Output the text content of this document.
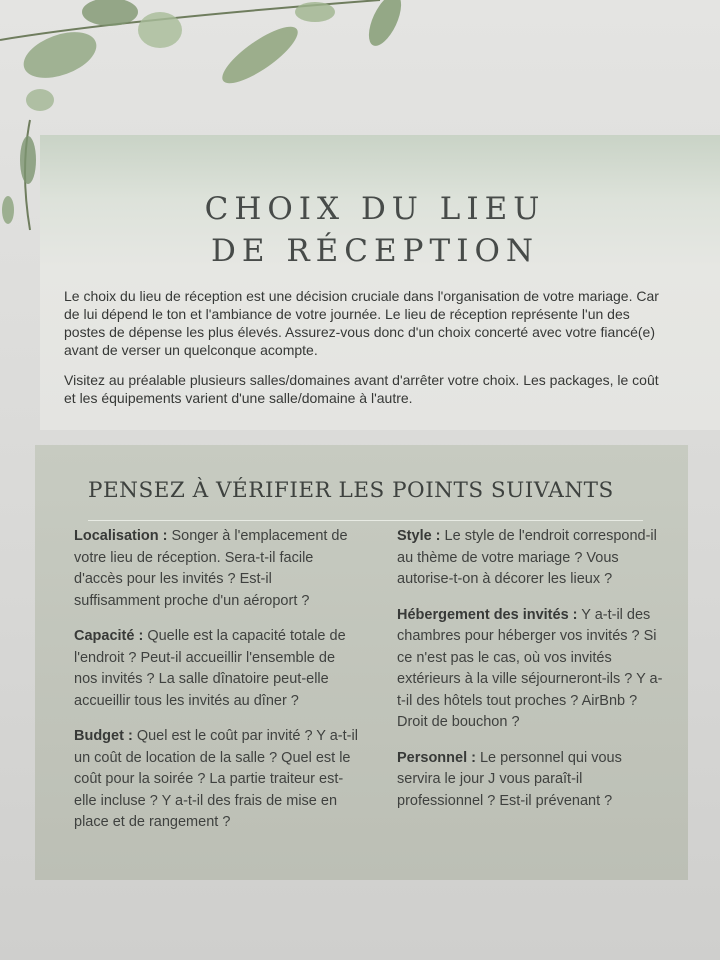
CHOIX DU LIEU
DE RÉCEPTION

Le choix du lieu de réception est une décision cruciale dans l'organisation de votre mariage. Car de lui dépend le ton et l'ambiance de votre journée. Le lieu de réception représente l'un des postes de dépense les plus élevés. Assurez-vous donc d'un choix concerté avec votre fiancé(e) avant de verser un quelconque acompte.

Visitez au préalable plusieurs salles/domaines avant d'arrêter votre choix. Les packages, le coût et les équipements varient d'une salle/domaine à l'autre.

PENSEZ À VÉRIFIER LES POINTS SUIVANTS
Localisation : Songer à l'emplacement de votre lieu de réception. Sera-t-il facile d'accès pour les invités ? Est-il suffisamment proche d'un aéroport ?
Capacité : Quelle est la capacité totale de l'endroit ? Peut-il accueillir l'ensemble de nos invités ? La salle dînatoire peut-elle accueillir tous les invités au dîner ?
Budget : Quel est le coût par invité ? Y a-t-il un coût de location de la salle ? Quel est le coût pour la soirée ? La partie traiteur est-elle incluse ? Y a-t-il des frais de mise en place et de rangement ?
Style : Le style de l'endroit correspond-il au thème de votre mariage ? Vous autorise-t-on à décorer les lieux ?
Hébergement des invités : Y a-t-il des chambres pour héberger vos invités ? Si ce n'est pas le cas, où vos invités extérieurs à la ville séjourneront-ils ? Y a-t-il des hôtels tout proches ? AirBnb ? Droit de bouchon ?
Personnel : Le personnel qui vous servira le jour J vous paraît-il professionnel ? Est-il prévenant ?
